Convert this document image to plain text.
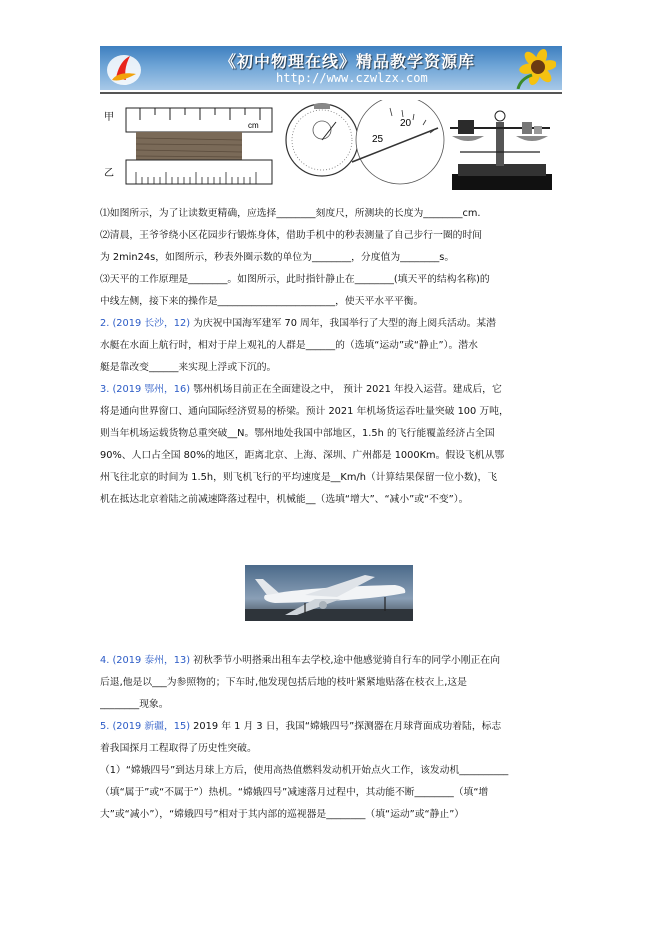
《初中物理在线》精品教学资源库
http://www.czwlzx.com
甲
乙
cm	20
25
⑴如图所示，为了让读数更精确，应选择________刻度尺，所测块的长度为________cm.
⑵清晨，王爷爷绕小区花园步行锻炼身体，借助手机中的秒表测量了自己步行一圈的时间
为 2min24s，如图所示，秒表外圈示数的单位为________，分度值为________s。
⑶天平的工作原理是________。如图所示，此时指针静止在________(填天平的结构名称)的
中线左侧，接下来的操作是________________________，使天平水平平衡。
2. (2019 长沙，12) 为庆祝中国海军建军 70 周年，我国举行了大型的海上阅兵活动。某潜
水艇在水面上航行时，相对于岸上观礼的人群是______的（选填“运动”或“静止”）。潜水
艇是靠改变______来实现上浮或下沉的。
3. (2019 鄂州，16) 鄂州机场目前正在全面建设之中， 预计 2021 年投入运营。建成后，它
将是通向世界窗口、通向国际经济贸易的桥梁。预计 2021 年机场货运吞吐量突破 100 万吨，
则当年机场运载货物总重突破__N。鄂州地处我国中部地区，1.5h 的飞行能覆盖经济占全国
90%、人口占全国 80%的地区，距离北京、上海、深圳、广州都是 1000Km。假设飞机从鄂
州飞往北京的时间为 1.5h，则飞机飞行的平均速度是__Km/h（计算结果保留一位小数)，飞
机在抵达北京着陆之前减速降落过程中，机械能__（选填“增大”、“减小”或“不变”）。
4. (2019 泰州，13) 初秋季节小明搭乘出租车去学校,途中他感觉骑自行车的同学小刚正在向
后退,他是以___为参照物的；下车时,他发现包括后地的枝叶紧紧地贴落在枝衣上,这是
________现象。
5. (2019 新疆，15) 2019 年 1 月 3 日，我国“嫦娥四号”探测器在月球背面成功着陆，标志
着我国探月工程取得了历史性突破。
（1）“嫦娥四号”到达月球上方后，使用高热值燃料发动机开始点火工作，该发动机__________
（填“属于”或“不属于”）热机。“嫦娥四号”减速落月过程中，其动能不断________（填“增
大”或“减小”），“嫦娥四号”相对于其内部的巡视器是________（填“运动”或“静止”）
